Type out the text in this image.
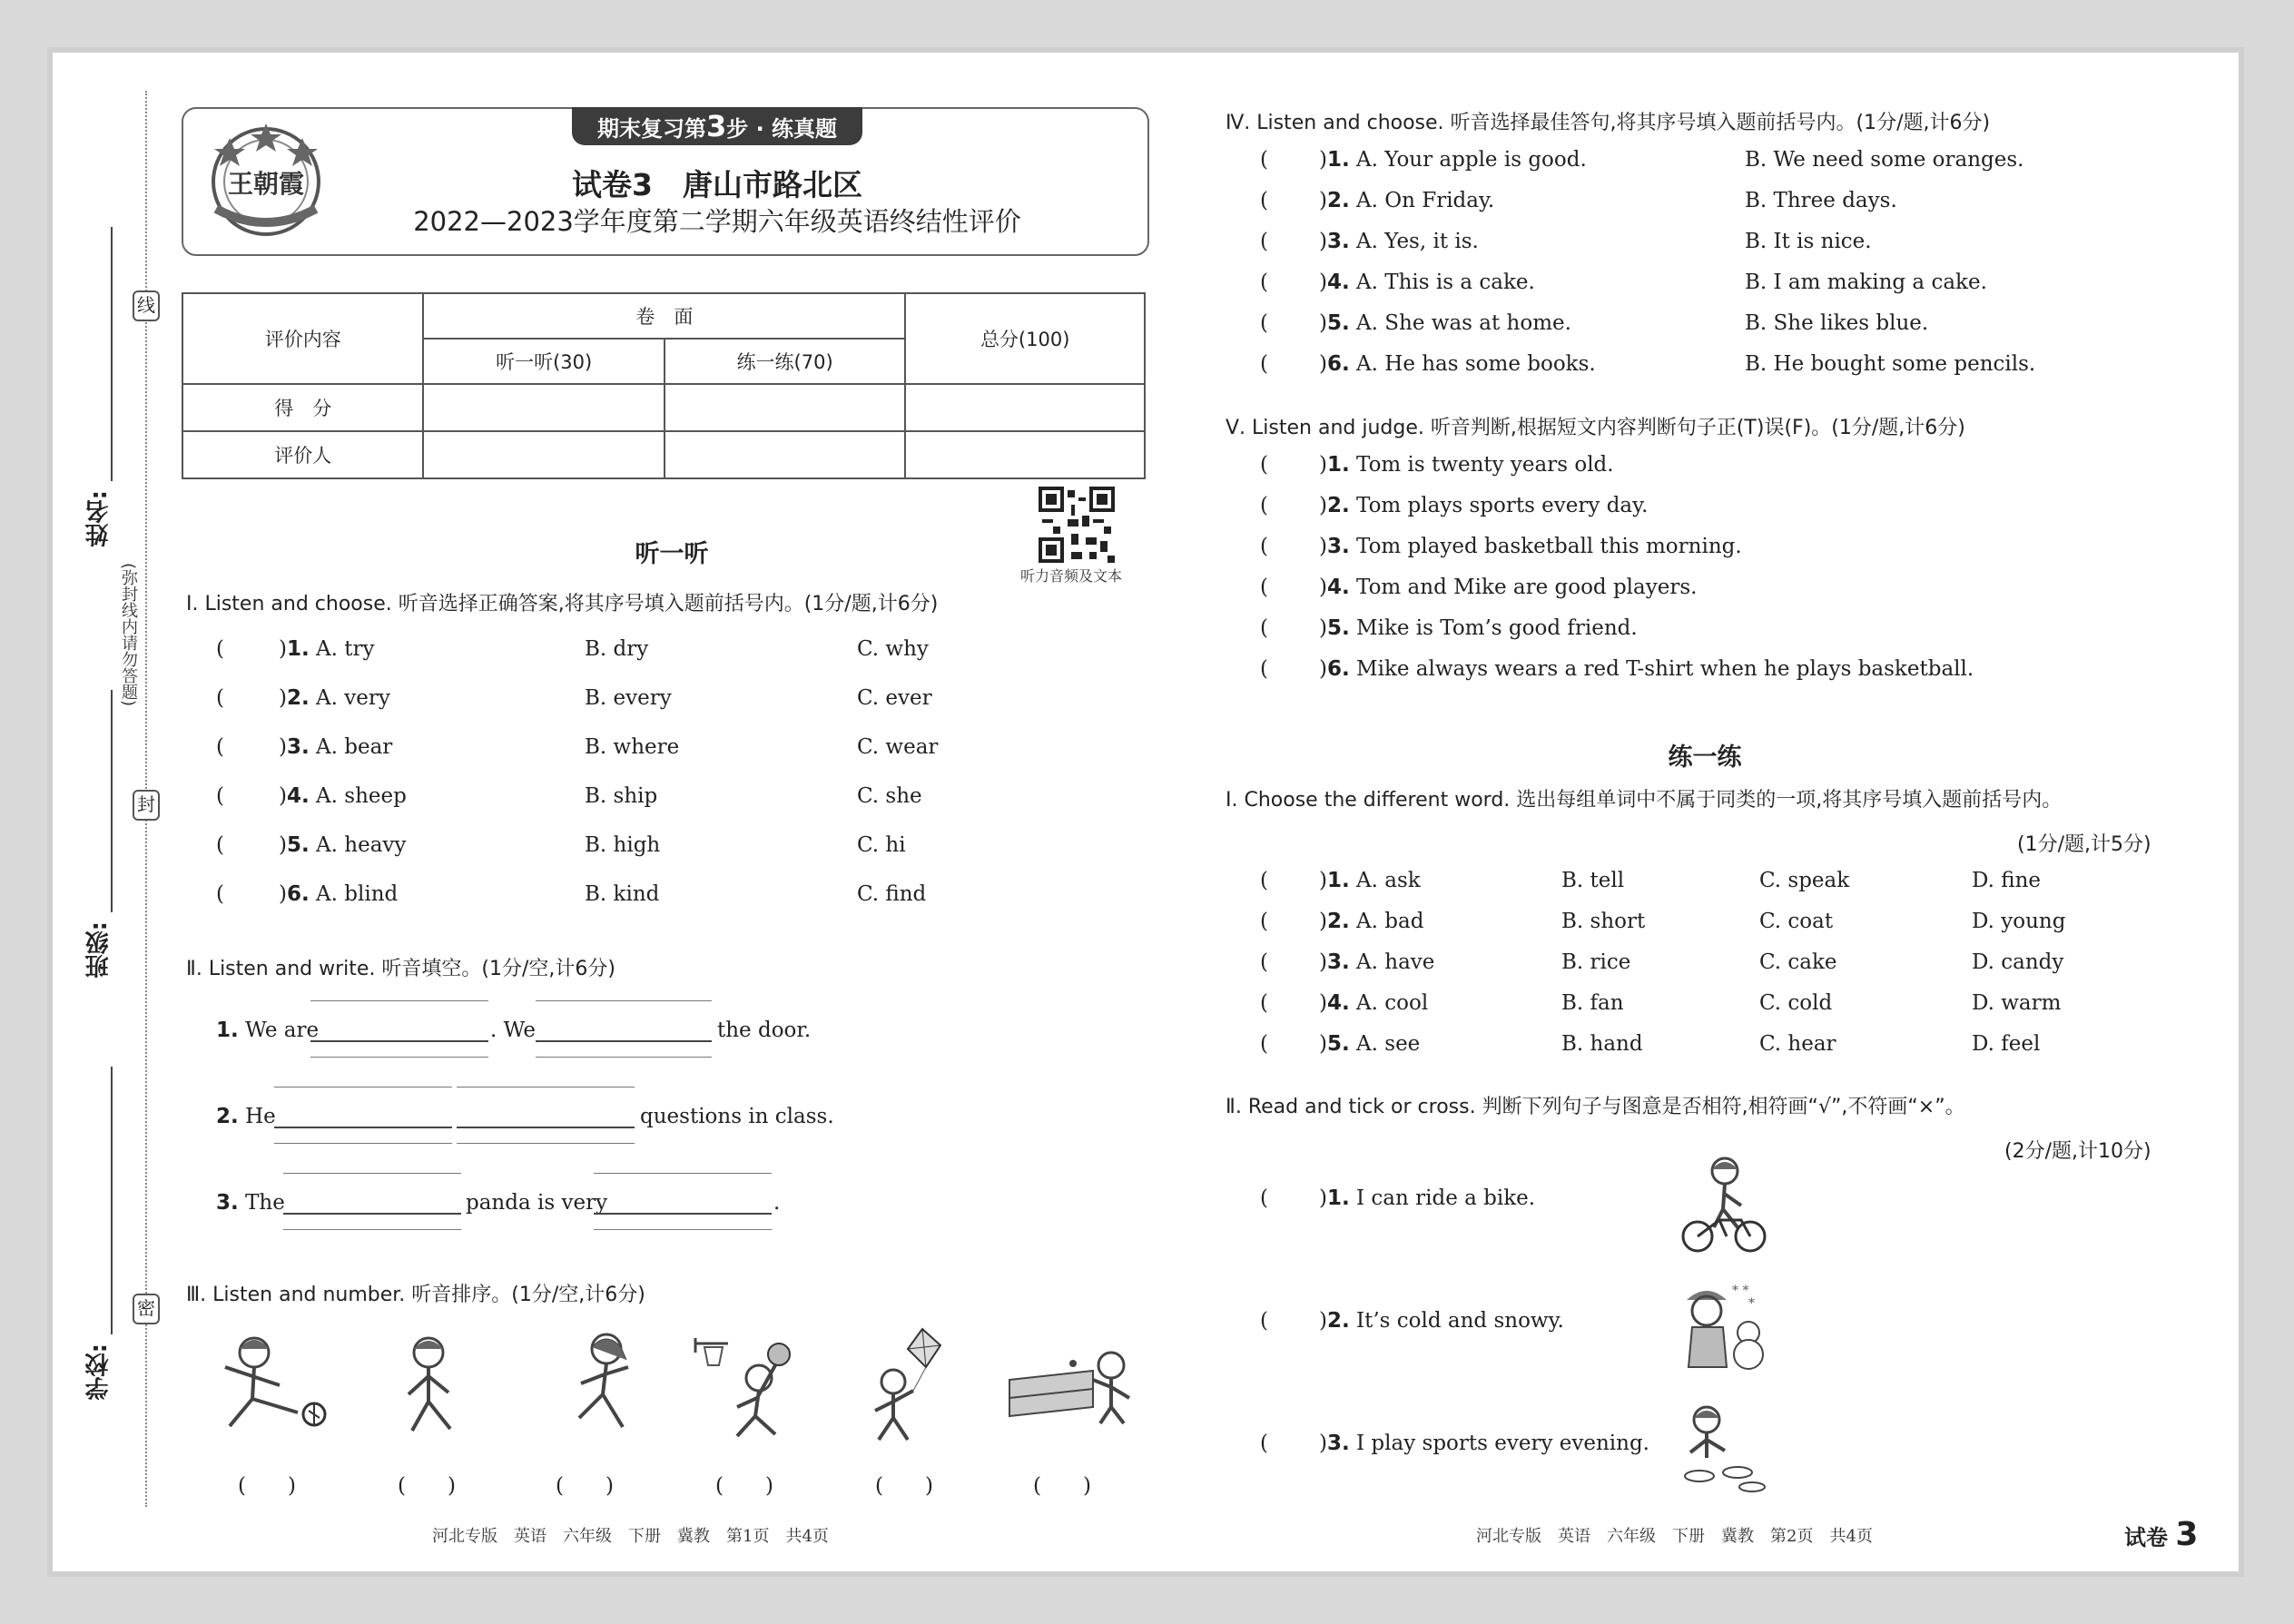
线
封
密
姓名:
班级:
学校:
(弥封线内请勿答题)
期末复习第3步 · 练真题
王朝霞	试卷3　唐山市路北区
2022—2023学年度第二学期六年级英语终结性评价
评价内容	卷　面		总分(100)
	听一听(30)	练一练(70)	
得　分			
评价人			
听力音频及文本
听一听
Ⅰ. Listen and choose. 听音选择正确答案,将其序号填入题前括号内。(1分/题,计6分)
(	)1. A. try	B. dry	C. why
(	)2. A. very	B. every	C. ever
(	)3. A. bear	B. where	C. wear
(	)4. A. sheep	B. ship	C. she
(	)5. A. heavy	B. high	C. hi
(	)6. A. blind	B. kind	C. find
Ⅱ. Listen and write. 听音填空。(1分/空,计6分)
1. We are	. We	the door.
2. He	questions in class.
3. The	panda is very	.
Ⅲ. Listen and number. 听音排序。(1分/空,计6分)
(　　)	(　　)	(　　)	(　　)	(　　)	(　　)
河北专版　英语　六年级　下册　冀教　第1页　共4页
Ⅳ. Listen and choose. 听音选择最佳答句,将其序号填入题前括号内。(1分/题,计6分)
( )1. A. Your apple is good.	B. We need some oranges.
( )2. A. On Friday.	B. Three days.
( )3. A. Yes, it is.	B. It is nice.
( )4. A. This is a cake.	B. I am making a cake.
( )5. A. She was at home.	B. She likes blue.
( )6. A. He has some books.	B. He bought some pencils.
Ⅴ. Listen and judge. 听音判断,根据短文内容判断句子正(T)误(F)。(1分/题,计6分)
( )1. Tom is twenty years old.
( )2. Tom plays sports every day.
( )3. Tom played basketball this morning.
( )4. Tom and Mike are good players.
( )5. Mike is Tom’s good friend.
( )6. Mike always wears a red T-shirt when he plays basketball.
练一练
Ⅰ. Choose the different word. 选出每组单词中不属于同类的一项,将其序号填入题前括号内。
(1分/题,计5分)
( )1. A. ask	B. tell	C. speak	D. fine
( )2. A. bad	B. short	C. coat	D. young
( )3. A. have	B. rice	C. cake	D. candy
( )4. A. cool	B. fan	C. cold	D. warm
( )5. A. see	B. hand	C. hear	D. feel
Ⅱ. Read and tick or cross. 判断下列句子与图意是否相符,相符画“√”,不符画“×”。
(2分/题,计10分)
( )1. I can ride a bike.
( )2. It’s cold and snowy.
( )3. I play sports every evening.
* *
*
河北专版　英语　六年级　下册　冀教　第2页　共4页	试卷 3
